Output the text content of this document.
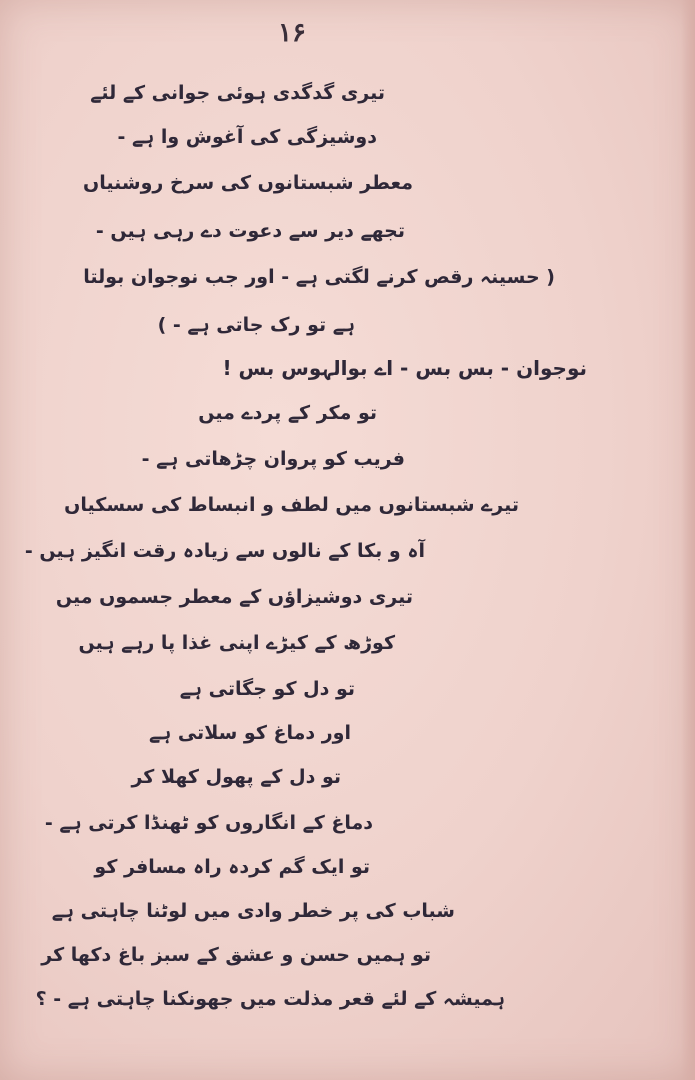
۱۶
تیری گدگدی ہوئی جوانی کے لئے
دوشیزگی کی آغوش وا ہے -
معطر شبستانوں کی سرخ روشنیاں
تجھے دیر سے دعوت دے رہی ہیں -
( حسینہ رقص کرنے لگتی ہے - اور جب نوجوان بولتا
ہے تو رک جاتی ہے - )
نوجوان - بس بس - اے بوالہوس بس !
تو مکر کے پردے میں
فریب کو پروان چڑھاتی ہے -
تیرے شبستانوں میں لطف و انبساط کی سسکیاں
آہ و بکا کے نالوں سے زیادہ رقت انگیز ہیں -
تیری دوشیزاؤں کے معطر جسموں میں
کوڑھ کے کیڑے اپنی غذا پا رہے ہیں
تو دل کو جگاتی ہے
اور دماغ کو سلاتی ہے
تو دل کے پھول کھلا کر
دماغ کے انگاروں کو ٹھنڈا کرتی ہے -
تو ایک گم کردہ راہ مسافر کو
شباب کی پر خطر وادی میں لوٹنا چاہتی ہے
تو ہمیں حسن و عشق کے سبز باغ دکھا کر
ہمیشہ کے لئے قعر مذلت میں جھونکنا چاہتی ہے - ؟
